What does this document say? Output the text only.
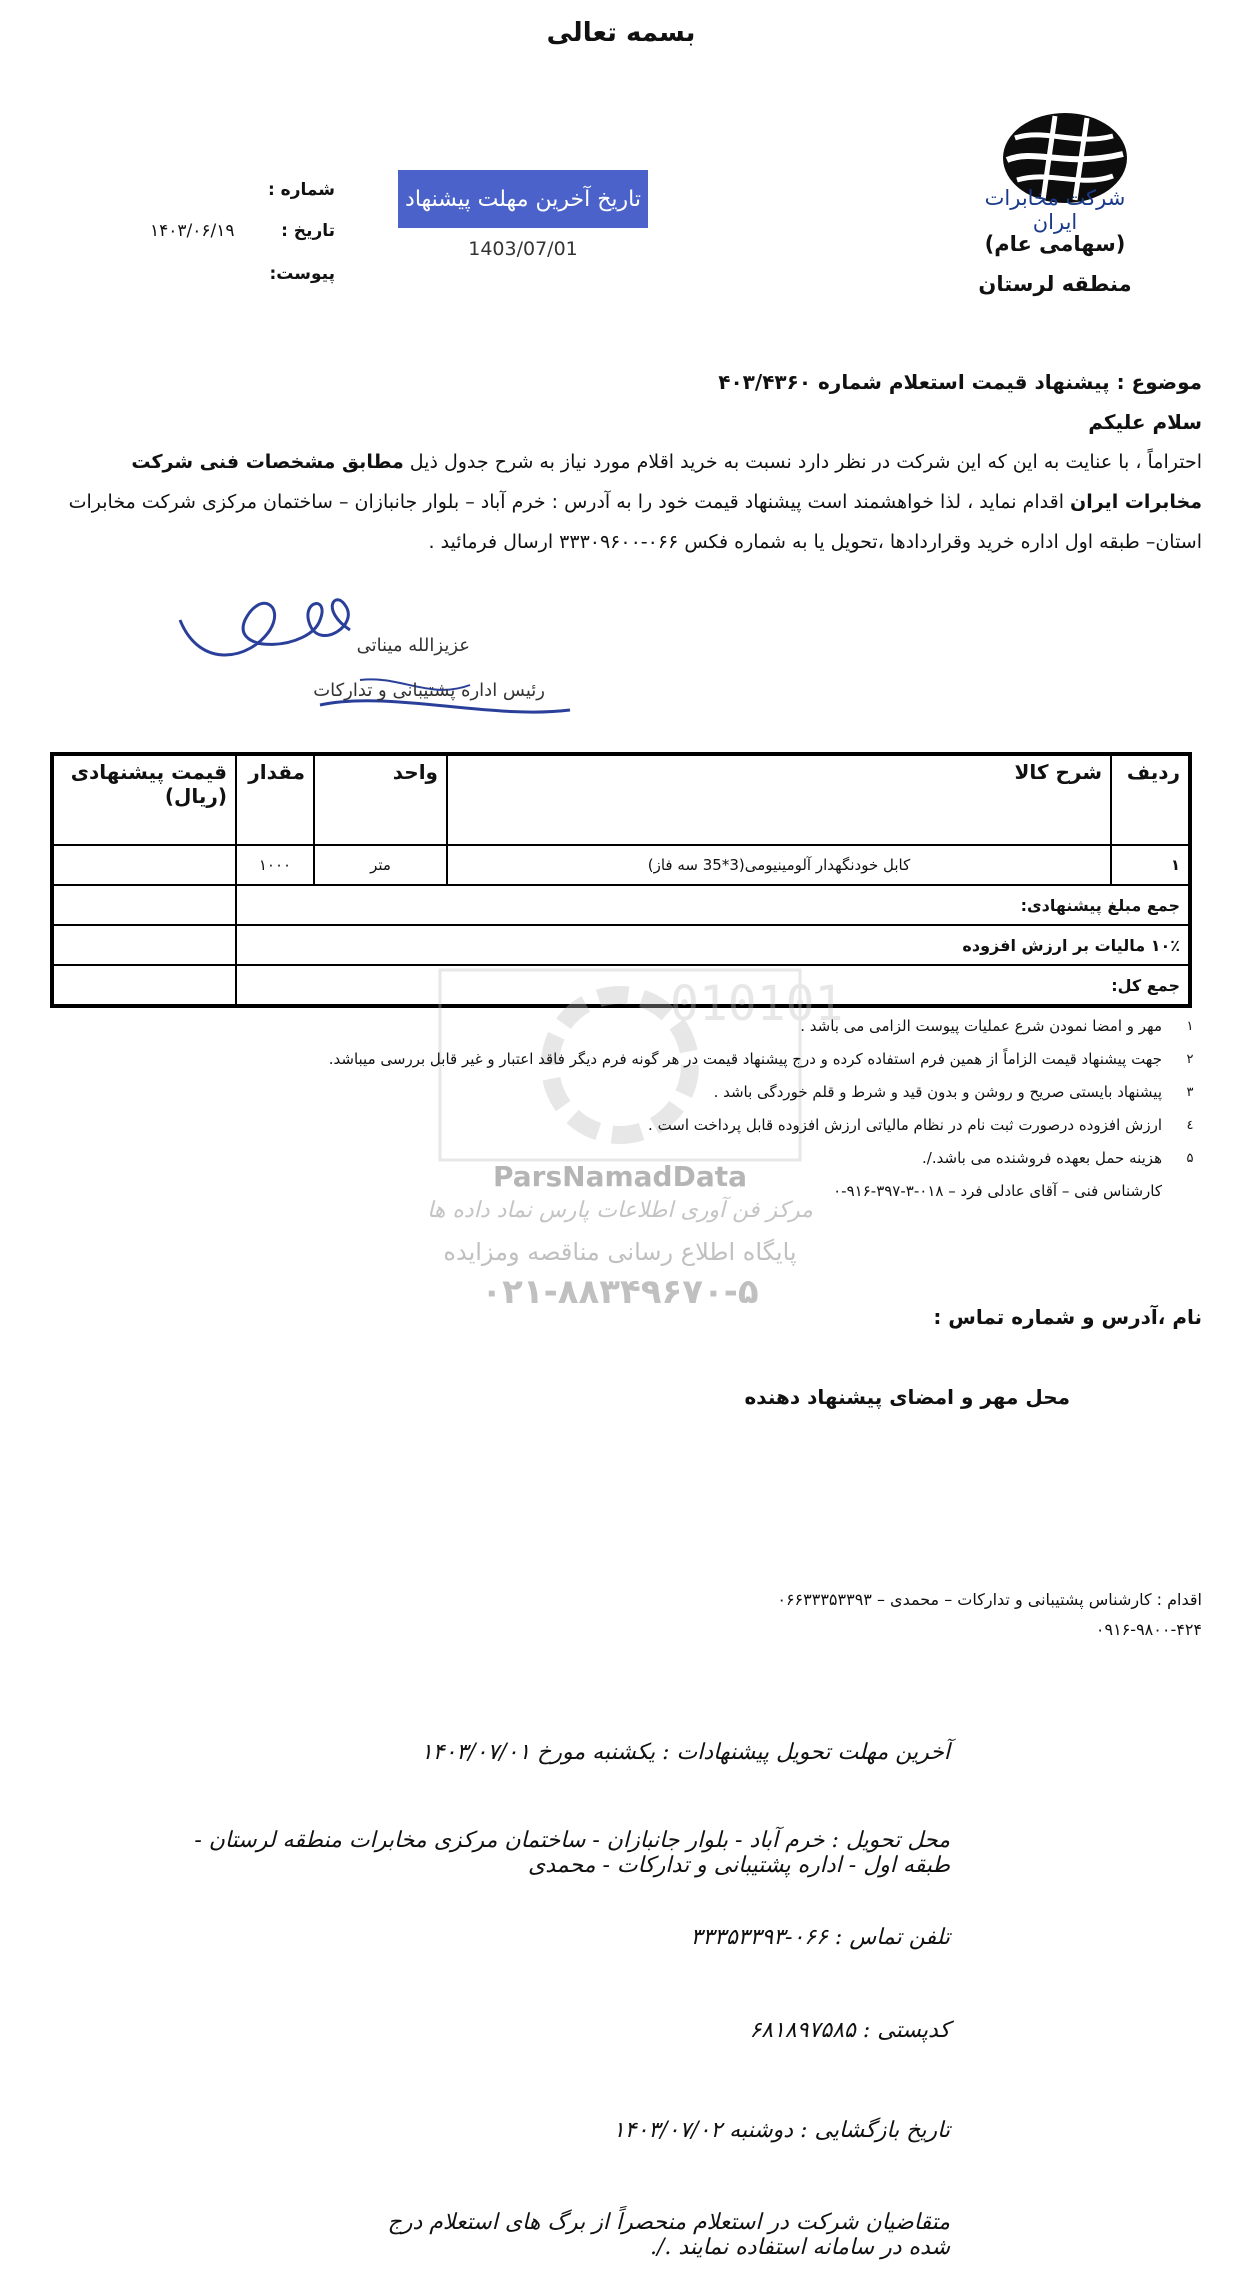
بسمه تعالی
شرکت مخابرات ایران
(سهامی عام)
منطقه لرستان
تاریخ آخرین مهلت پیشنهاد
1403/07/01
شماره :
تاریخ :
۱۴۰۳/۰۶/۱۹
پیوست:
موضوع : پیشنهاد قیمت استعلام شماره ۴۰۳/۴۳۶۰
سلام علیکم
احتراماً ، با عنایت به این که این شرکت در نظر دارد نسبت به خرید اقلام مورد نیاز به شرح جدول ذیل مطابق مشخصات فنی شرکت مخابرات ایران اقدام نماید ، لذا خواهشمند است پیشنهاد قیمت خود را به آدرس : خرم آباد – بلوار جانبازان – ساختمان مرکزی شرکت مخابرات استان– طبقه اول اداره خرید وقراردادها ،تحویل یا به شماره فکس ۰۶۶-۳۳۳۰۹۶۰۰ ارسال فرمائید .
عزیزالله میناتی
رئیس اداره پشتیبانی و تدارکات
ردیف	شرح کالا	واحد	مقدار	قیمت پیشنهادی (ریال)
۱	کابل خودنگهدار آلومینیومی(3*35 سه فاز)	متر	۱۰۰۰	
جمع مبلغ پیشنهادی:				
۱۰٪ مالیات بر ارزش افزوده				
جمع کل:				
010101
ParsNamadData
مرکز فن آوری اطلاعات پارس نماد داده ها
پایگاه اطلاع رسانی مناقصه ومزایده
۰۲۱-۸۸۳۴۹۶۷۰-۵
۱
مهر و امضا نمودن شرع عملیات پیوست الزامی می باشد .
۲
جهت پیشنهاد قیمت الزاماً از همین فرم استفاده کرده و درج پیشنهاد قیمت در هر گونه فرم دیگر فاقد اعتبار و غیر قابل بررسی میباشد.
۳
پیشنهاد بایستی صریح و روشن و بدون قید و شرط و قلم خوردگی باشد .
٤
ارزش افزوده درصورت ثبت نام در نظام مالیاتی ارزش افزوده قابل پرداخت است .
۵
هزینه حمل بعهده فروشنده می باشد./.
کارشناس فنی – آقای عادلی فرد – ۰۱۸-۳-۳۹۷-۹۱۶-۰
نام ،آدرس و شماره تماس :
محل مهر و امضای پیشنهاد دهنده
اقدام : کارشناس پشتیبانی و تدارکات – محمدی – ۰۶۶۳۳۳۵۳۳۹۳
۰۹۱۶-۹۸۰۰-۴۲۴
آخرین مهلت تحویل پیشنهادات : یکشنبه مورخ ۱۴۰۳/۰۷/۰۱
محل تحویل : خرم آباد - بلوار جانبازان - ساختمان مرکزی مخابرات منطقه لرستان - طبقه اول - اداره پشتیبانی و تدارکات - محمدی
تلفن تماس : ۰۶۶-۳۳۳۵۳۳۹۳
کدپستی : ۶۸۱۸۹۷۵۸۵
تاریخ بازگشایی : دوشنبه ۱۴۰۳/۰۷/۰۲
متقاضیان شرکت در استعلام منحصراً از برگ های استعلام درج شده در سامانه استفاده نمایند ./.
